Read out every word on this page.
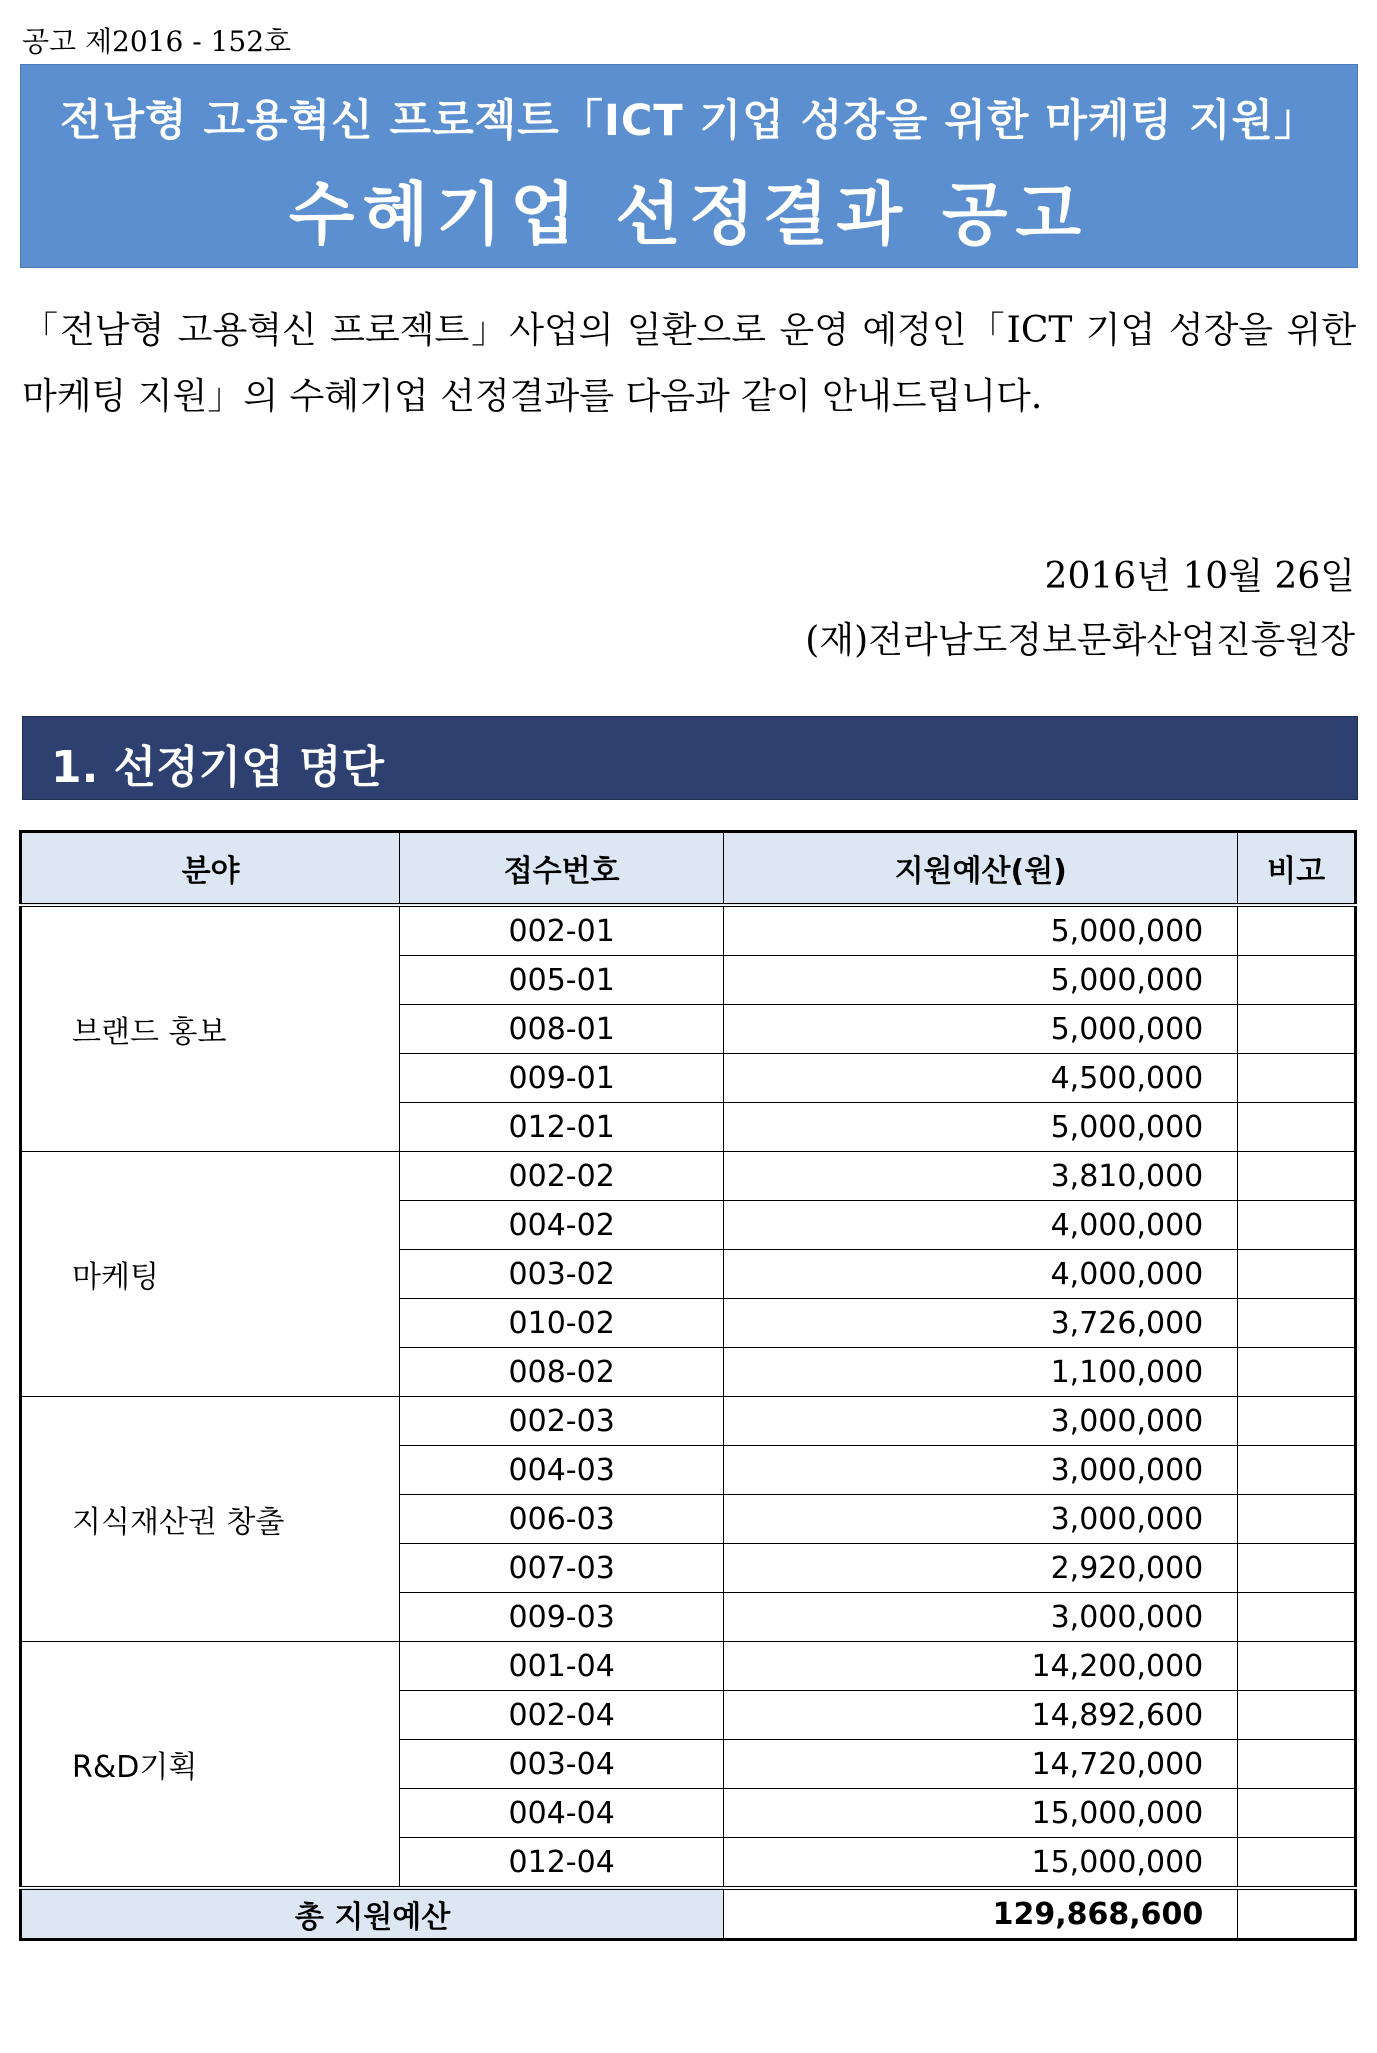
공고 제2016 - 152호
전남형 고용혁신 프로젝트「ICT 기업 성장을 위한 마케팅 지원」
수혜기업 선정결과 공고
「전남형 고용혁신 프로젝트」사업의 일환으로 운영 예정인「ICT 기업 성장을 위한 마케팅 지원」의 수혜기업 선정결과를 다음과 같이 안내드립니다.
2016년 10월 26일
(재)전라남도정보문화산업진흥원장
1. 선정기업 명단
분야	접수번호	지원예산(원)	비고
브랜드 홍보	002-01	5,000,000	
	005-01	5,000,000	
	008-01	5,000,000	
	009-01	4,500,000	
	012-01	5,000,000	
마케팅	002-02	3,810,000	
	004-02	4,000,000	
	003-02	4,000,000	
	010-02	3,726,000	
	008-02	1,100,000	
지식재산권 창출	002-03	3,000,000	
	004-03	3,000,000	
	006-03	3,000,000	
	007-03	2,920,000	
	009-03	3,000,000	
R&D기획	001-04	14,200,000	
	002-04	14,892,600	
	003-04	14,720,000	
	004-04	15,000,000	
	012-04	15,000,000	
총 지원예산		129,868,600	
